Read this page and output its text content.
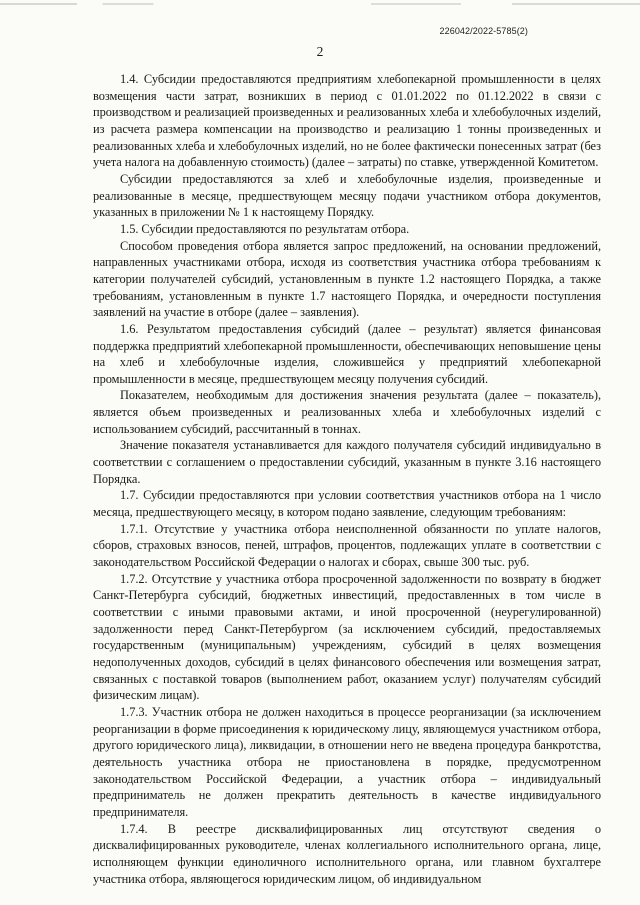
226042/2022-5785(2)
2

1.4. Субсидии предоставляются предприятиям хлебопекарной промышленности в целях возмещения части затрат, возникших в период с 01.01.2022 по 01.12.2022 в связи с производством и реализацией произведенных и реализованных хлеба и хлебобулочных изделий, из расчета размера компенсации на производство и реализацию 1 тонны произведенных и реализованных хлеба и хлебобулочных изделий, но не более фактически понесенных затрат (без учета налога на добавленную стоимость) (далее – затраты) по ставке, утвержденной Комитетом.

Субсидии предоставляются за хлеб и хлебобулочные изделия, произведенные и реализованные в месяце, предшествующем месяцу подачи участником отбора документов, указанных в приложении № 1 к настоящему Порядку.

1.5. Субсидии предоставляются по результатам отбора.

Способом проведения отбора является запрос предложений, на основании предложений, направленных участниками отбора, исходя из соответствия участника отбора требованиям к категории получателей субсидий, установленным в пункте 1.2 настоящего Порядка, а также требованиям, установленным в пункте 1.7 настоящего Порядка, и очередности поступления заявлений на участие в отборе (далее – заявления).

1.6. Результатом предоставления субсидий (далее – результат) является финансовая поддержка предприятий хлебопекарной промышленности, обеспечивающих неповышение цены на хлеб и хлебобулочные изделия, сложившейся у предприятий хлебопекарной промышленности в месяце, предшествующем месяцу получения субсидий.

Показателем, необходимым для достижения значения результата (далее – показатель), является объем произведенных и реализованных хлеба и хлебобулочных изделий с использованием субсидий, рассчитанный в тоннах.

Значение показателя устанавливается для каждого получателя субсидий индивидуально в соответствии с соглашением о предоставлении субсидий, указанным в пункте 3.16 настоящего Порядка.

1.7. Субсидии предоставляются при условии соответствия участников отбора на 1 число месяца, предшествующего месяцу, в котором подано заявление, следующим требованиям:

1.7.1. Отсутствие у участника отбора неисполненной обязанности по уплате налогов, сборов, страховых взносов, пеней, штрафов, процентов, подлежащих уплате в соответствии с законодательством Российской Федерации о налогах и сборах, свыше 300 тыс. руб.

1.7.2. Отсутствие у участника отбора просроченной задолженности по возврату в бюджет Санкт-Петербурга субсидий, бюджетных инвестиций, предоставленных в том числе в соответствии с иными правовыми актами, и иной просроченной (неурегулированной) задолженности перед Санкт-Петербургом (за исключением субсидий, предоставляемых государственным (муниципальным) учреждениям, субсидий в целях возмещения недополученных доходов, субсидий в целях финансового обеспечения или возмещения затрат, связанных с поставкой товаров (выполнением работ, оказанием услуг) получателям субсидий физическим лицам).

1.7.3. Участник отбора не должен находиться в процессе реорганизации (за исключением реорганизации в форме присоединения к юридическому лицу, являющемуся участником отбора, другого юридического лица), ликвидации, в отношении него не введена процедура банкротства, деятельность участника отбора не приостановлена в порядке, предусмотренном законодательством Российской Федерации, а участник отбора – индивидуальный предприниматель не должен прекратить деятельность в качестве индивидуального предпринимателя.

1.7.4. В реестре дисквалифицированных лиц отсутствуют сведения о дисквалифицированных руководителе, членах коллегиального исполнительного органа, лице, исполняющем функции единоличного исполнительного органа, или главном бухгалтере участника отбора, являющегося юридическим лицом, об индивидуальном
